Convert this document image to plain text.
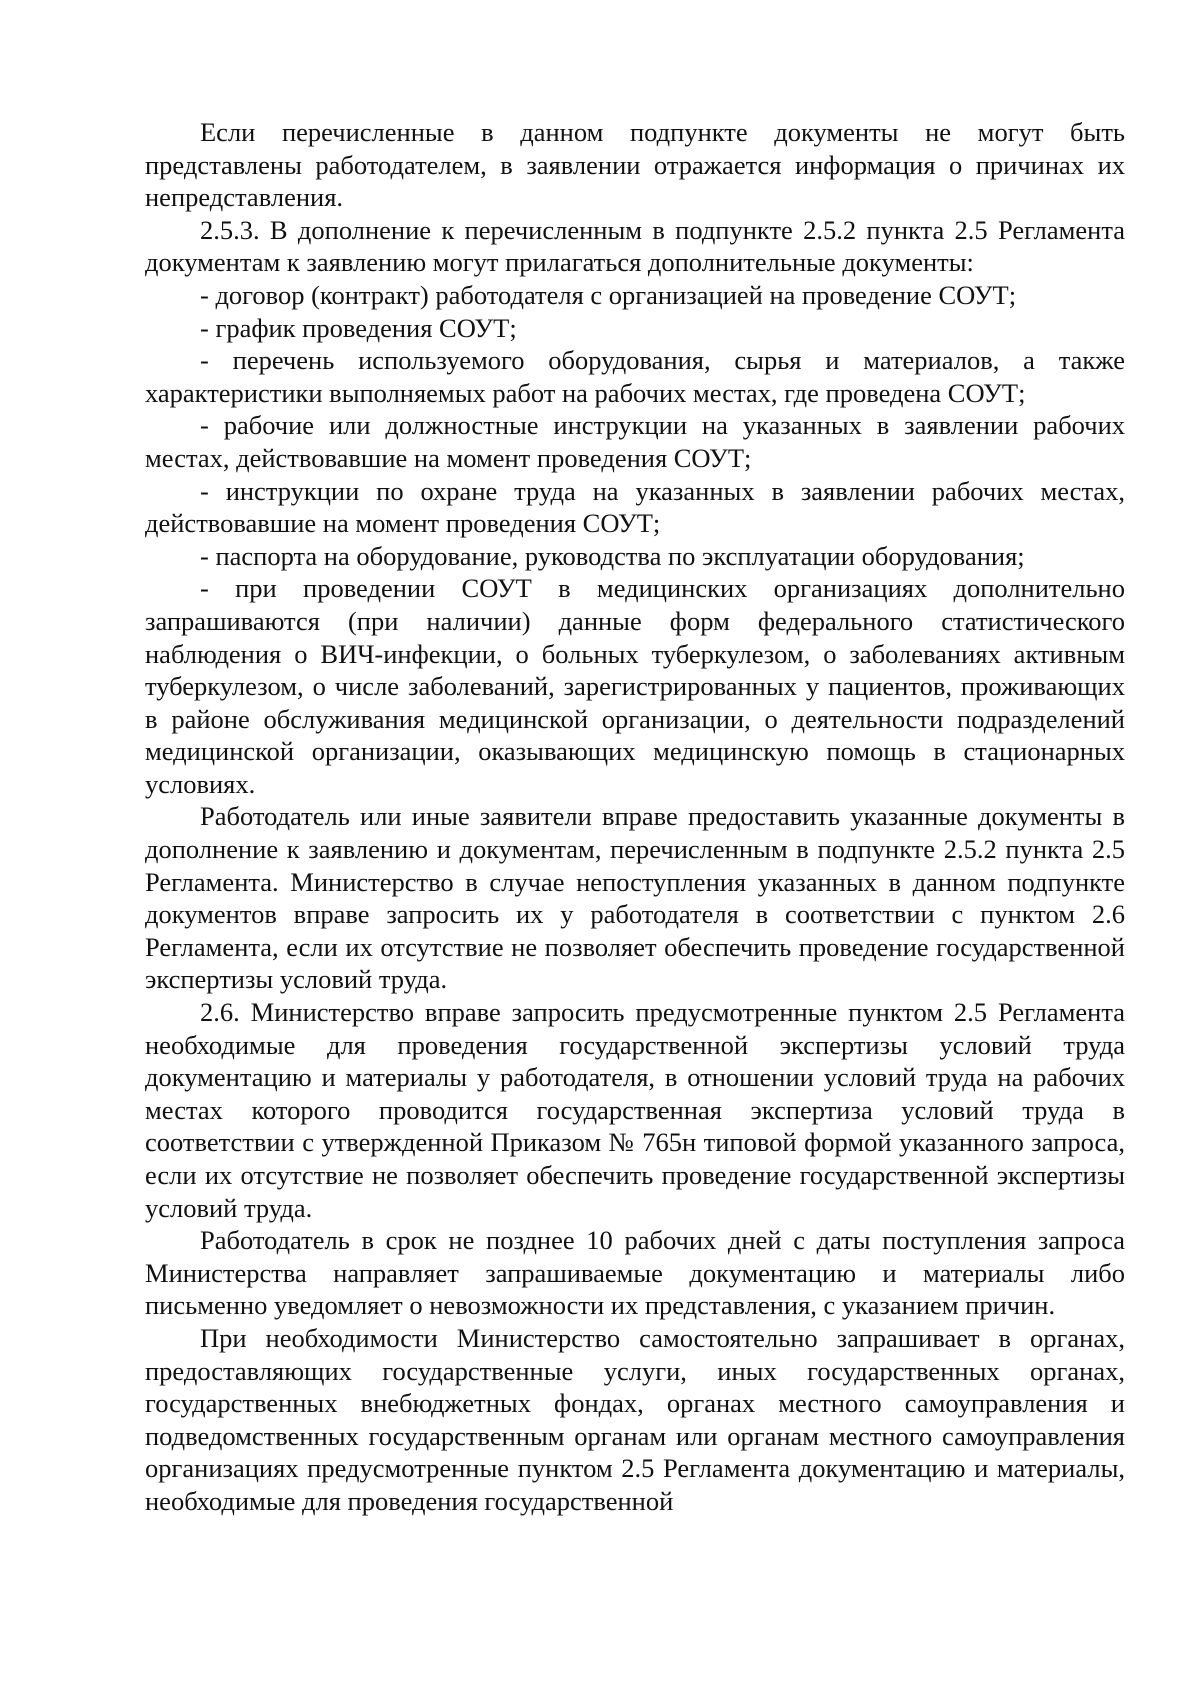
Если перечисленные в данном подпункте документы не могут быть представлены работодателем, в заявлении отражается информация о причинах их непредставления.

2.5.3. В дополнение к перечисленным в подпункте 2.5.2 пункта 2.5 Регламента документам к заявлению могут прилагаться дополнительные документы:

- договор (контракт) работодателя с организацией на проведение СОУТ;

- график проведения СОУТ;

- перечень используемого оборудования, сырья и материалов, а также характеристики выполняемых работ на рабочих местах, где проведена СОУТ;

- рабочие или должностные инструкции на указанных в заявлении рабочих местах, действовавшие на момент проведения СОУТ;

- инструкции по охране труда на указанных в заявлении рабочих местах, действовавшие на момент проведения СОУТ;

- паспорта на оборудование, руководства по эксплуатации оборудования;

- при проведении СОУТ в медицинских организациях дополнительно запрашиваются (при наличии) данные форм федерального статистического наблюдения о ВИЧ-инфекции, о больных туберкулезом, о заболеваниях активным туберкулезом, о числе заболеваний, зарегистрированных у пациентов, проживающих в районе обслуживания медицинской организации, о деятельности подразделений медицинской организации, оказывающих медицинскую помощь в стационарных условиях.

Работодатель или иные заявители вправе предоставить указанные документы в дополнение к заявлению и документам, перечисленным в подпункте 2.5.2 пункта 2.5 Регламента. Министерство в случае непоступления указанных в данном подпункте документов вправе запросить их у работодателя в соответствии с пунктом 2.6 Регламента, если их отсутствие не позволяет обеспечить проведение государственной экспертизы условий труда.

2.6. Министерство вправе запросить предусмотренные пунктом 2.5 Регламента необходимые для проведения государственной экспертизы условий труда документацию и материалы у работодателя, в отношении условий труда на рабочих местах которого проводится государственная экспертиза условий труда в соответствии с утвержденной Приказом № 765н типовой формой указанного запроса, если их отсутствие не позволяет обеспечить проведение государственной экспертизы условий труда.

Работодатель в срок не позднее 10 рабочих дней с даты поступления запроса Министерства направляет запрашиваемые документацию и материалы либо письменно уведомляет о невозможности их представления, с указанием причин.

При необходимости Министерство самостоятельно запрашивает в органах, предоставляющих государственные услуги, иных государственных органах, государственных внебюджетных фондах, органах местного самоуправления и подведомственных государственным органам или органам местного самоуправления организациях предусмотренные пунктом 2.5 Регламента документацию и материалы, необходимые для проведения государственной
